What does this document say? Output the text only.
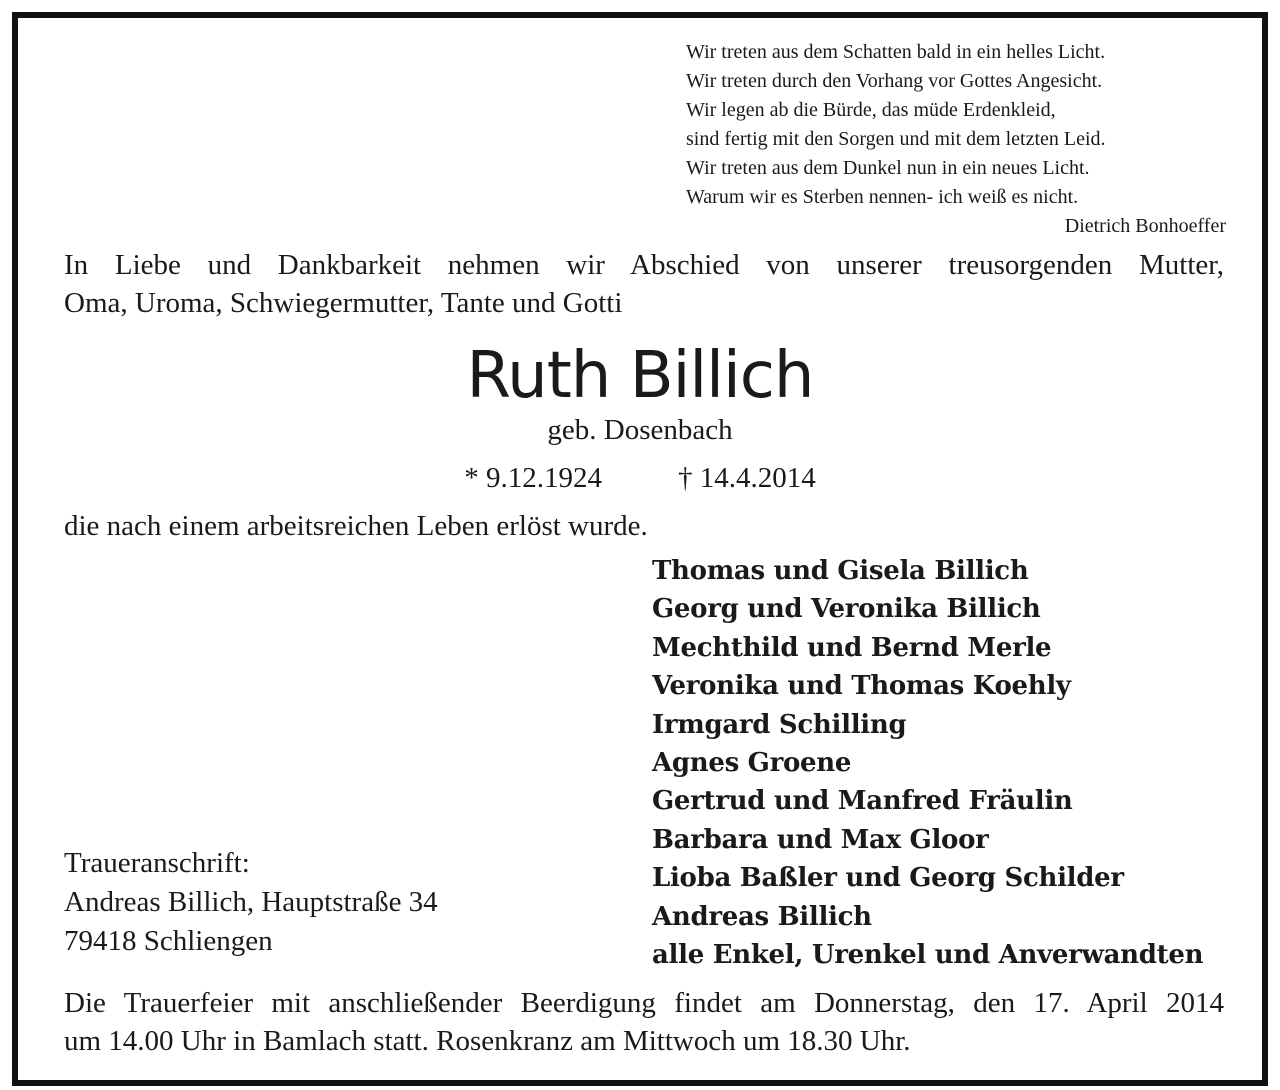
Wir treten aus dem Schatten bald in ein helles Licht.
Wir treten durch den Vorhang vor Gottes Angesicht.
Wir legen ab die Bürde, das müde Erdenkleid,
sind fertig mit den Sorgen und mit dem letzten Leid.
Wir treten aus dem Dunkel nun in ein neues Licht.
Warum wir es Sterben nennen- ich weiß es nicht.
Dietrich Bonhoeffer
In Liebe und Dankbarkeit nehmen wir Abschied von unserer treusorgenden Mutter,
Oma, Uroma, Schwiegermutter, Tante und Gotti
Ruth Billich
geb. Dosenbach
* 9.12.1924	† 14.4.2014
die nach einem arbeitsreichen Leben erlöst wurde.
Thomas und Gisela Billich
Georg und Veronika Billich
Mechthild und Bernd Merle
Veronika und Thomas Koehly
Irmgard Schilling
Agnes Groene
Gertrud und Manfred Fräulin
Barbara und Max Gloor
Lioba Baßler und Georg Schilder
Andreas Billich
alle Enkel, Urenkel und Anverwandten
Traueranschrift:
Andreas Billich, Hauptstraße 34
79418 Schliengen
Die Trauerfeier mit anschließender Beerdigung findet am Donnerstag, den 17. April 2014
um 14.00 Uhr in Bamlach statt. Rosenkranz am Mittwoch um 18.30 Uhr.
